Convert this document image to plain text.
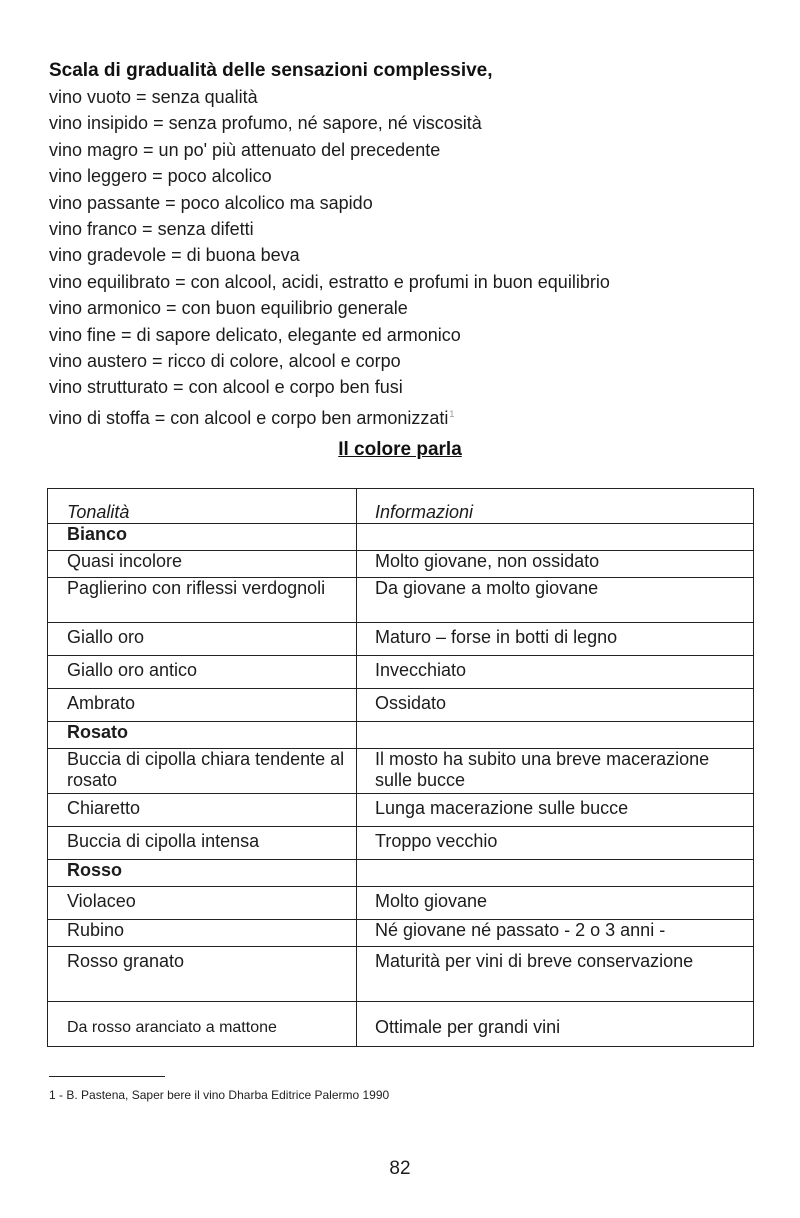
Scala di gradualità delle sensazioni complessive,
vino vuoto = senza qualità
vino insipido = senza profumo, né sapore, né viscosità
vino magro = un po' più attenuato del precedente
vino leggero = poco alcolico
vino passante = poco alcolico ma sapido
vino franco = senza difetti
vino gradevole = di buona beva
vino equilibrato = con alcool, acidi, estratto e profumi in buon equilibrio
vino armonico = con buon equilibrio generale
vino fine = di sapore delicato, elegante ed armonico
vino austero = ricco di colore, alcool e corpo
vino strutturato = con alcool e corpo ben fusi
vino di stoffa = con alcool e corpo ben armonizzati$^1$
Il colore parla
Tonalità	Informazioni
Bianco	
Quasi incolore	Molto giovane, non ossidato
Paglierino con riflessi verdognoli	Da giovane a molto giovane
Giallo oro	Maturo – forse in botti di legno
Giallo oro antico	Invecchiato
Ambrato	Ossidato
Rosato	
Buccia di cipolla chiara tendente al rosato	Il mosto ha subito una breve macerazione sulle bucce
Chiaretto	Lunga macerazione sulle bucce
Buccia di cipolla intensa	Troppo vecchio
Rosso	
Violaceo	Molto giovane
Rubino	Né giovane né passato - 2 o 3 anni -
Rosso granato	Maturità per vini di breve conservazione
Da rosso aranciato a mattone	Ottimale per grandi vini
1 - B. Pastena, Saper bere il vino Dharba Editrice Palermo 1990
82
